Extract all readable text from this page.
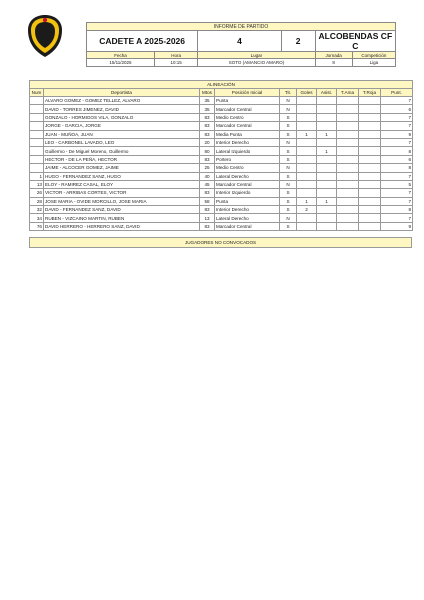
INFORME DE PARTIDO					
CADETE A 2025-2026		4	2	ALCOBENDAS CF C	
Fecha	Hora	Lugar		Jornada	Competición
15/11/2025	10:15	SOTO (AMANCIO AMARO)		8	Liga
ALINEACIÓN									
Num	Deportista	Mtos	Posición Inicial	Tit.	Goles	Asist.	T.Ama	T.Roja	Punt.
	ALVARO GOMEZ - GOMEZ TELLEZ, ALVARO	35	Punta	N					7
	DAVID - TORRES JIMENEZ, DAVID	35	Marcador Central	N					6
	GONZALO - HORMIGOS VILA, GONZALO	83	Medio Centro	S					7
	JORGE - GARCIA, JORGE	83	Marcador Central	S					7
	JUAN - MUÑOA, JUAN	83	Media Punta	S	1	1			9
	LEO - CARBONEL LAVADO, LEO	20	Interior Derecho	N					7
	Guillermo - De Miguel Moreno, Guillermo	80	Lateral Izquierdo	S		1			8
	HECTOR - DE LA PEÑA, HECTOR	83	Portero	S					6
	JAIME - ALCOCER GOMEZ, JAIME	25	Medio Centro	N					8
1	HUGO - FERNANDEZ SANZ, HUGO	40	Lateral Derecho	S					7
13	ELOY - RAMIREZ CASAL, ELOY	45	Marcador Central	N					5
26	VICTOR - ARRIBAS CORTES, VICTOR	83	Interior Izquierdo	S					7
28	JOSE MARIA - OVIDE MORCILLO, JOSE MARIA	58	Punta	S	1	1			7
32	DAVID - FERNANDEZ SANZ, DAVID	83	Interior Derecho	S	2				8
34	RUBEN - VIZCAINO MARTIN, RUBEN	13	Lateral Derecho	N					7
76	DAVID HERRERO - HERRERO SANZ, DAVID	83	Marcador Central	S					9
JUGADORES NO CONVOCADOS
